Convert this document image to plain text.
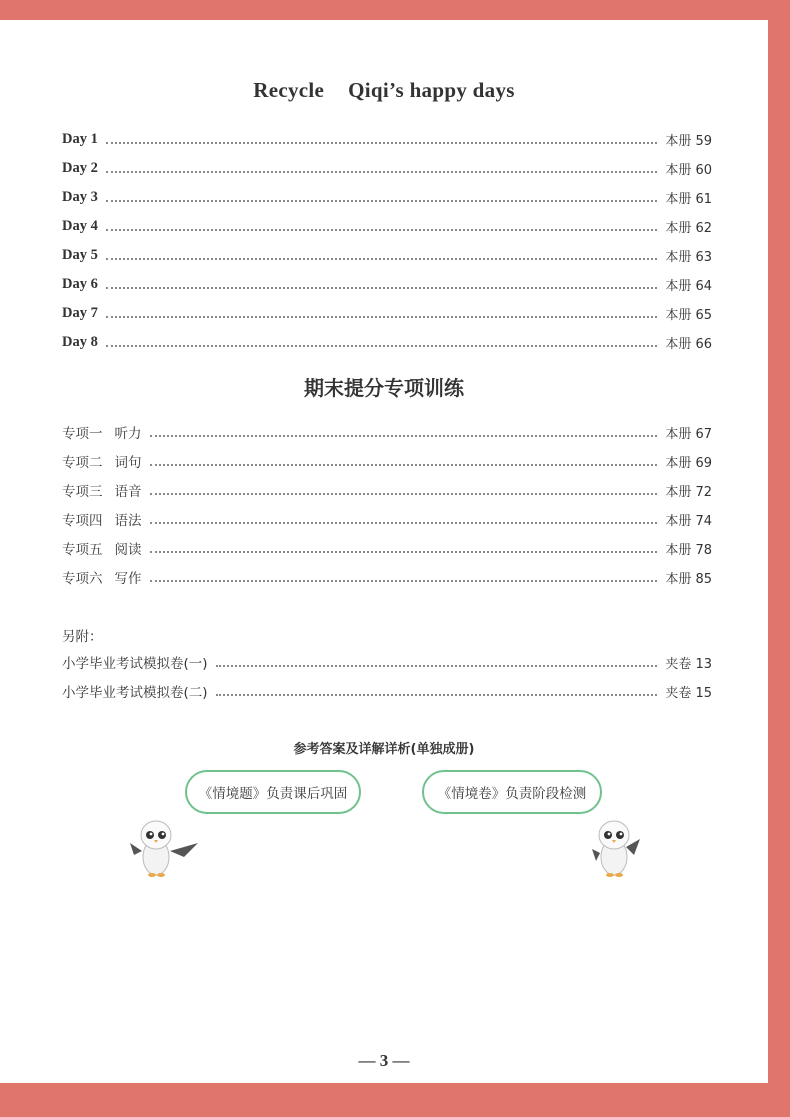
Recycle Qiqi’s happy days
Day 1	本册 59
Day 2	本册 60
Day 3	本册 61
Day 4	本册 62
Day 5	本册 63
Day 6	本册 64
Day 7	本册 65
Day 8	本册 66
期末提分专项训练
专项一 听力	本册 67
专项二 词句	本册 69
专项三 语音	本册 72
专项四 语法	本册 74
专项五 阅读	本册 78
专项六 写作	本册 85
另附：
小学毕业考试模拟卷(一)	夹卷 13
小学毕业考试模拟卷(二)	夹卷 15
参考答案及详解详析(单独成册)
《情境题》负责课后巩固	《情境卷》负责阶段检测
— 3 —
